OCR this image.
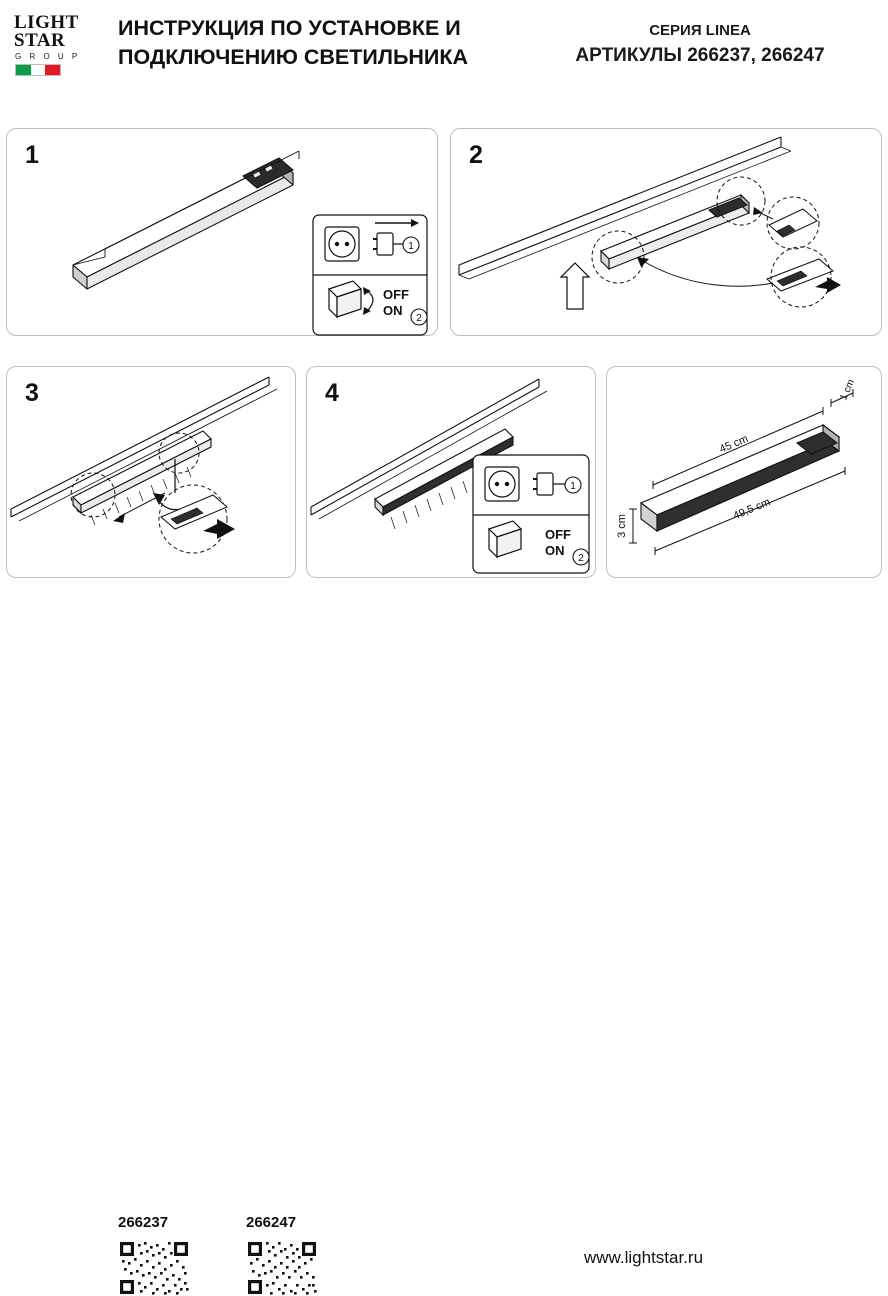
LIGHT
STAR
G R O U P
ИНСТРУКЦИЯ ПО УСТАНОВКЕ И
ПОДКЛЮЧЕНИЮ СВЕТИЛЬНИКА
СЕРИЯ LINEA
АРТИКУЛЫ 266237, 266247
1
1
OFF
ON
2
2
3	4
1
OFF
ON
2
45 cm
1 cm
49,5 cm
3 cm
266237	266247
www.lightstar.ru
